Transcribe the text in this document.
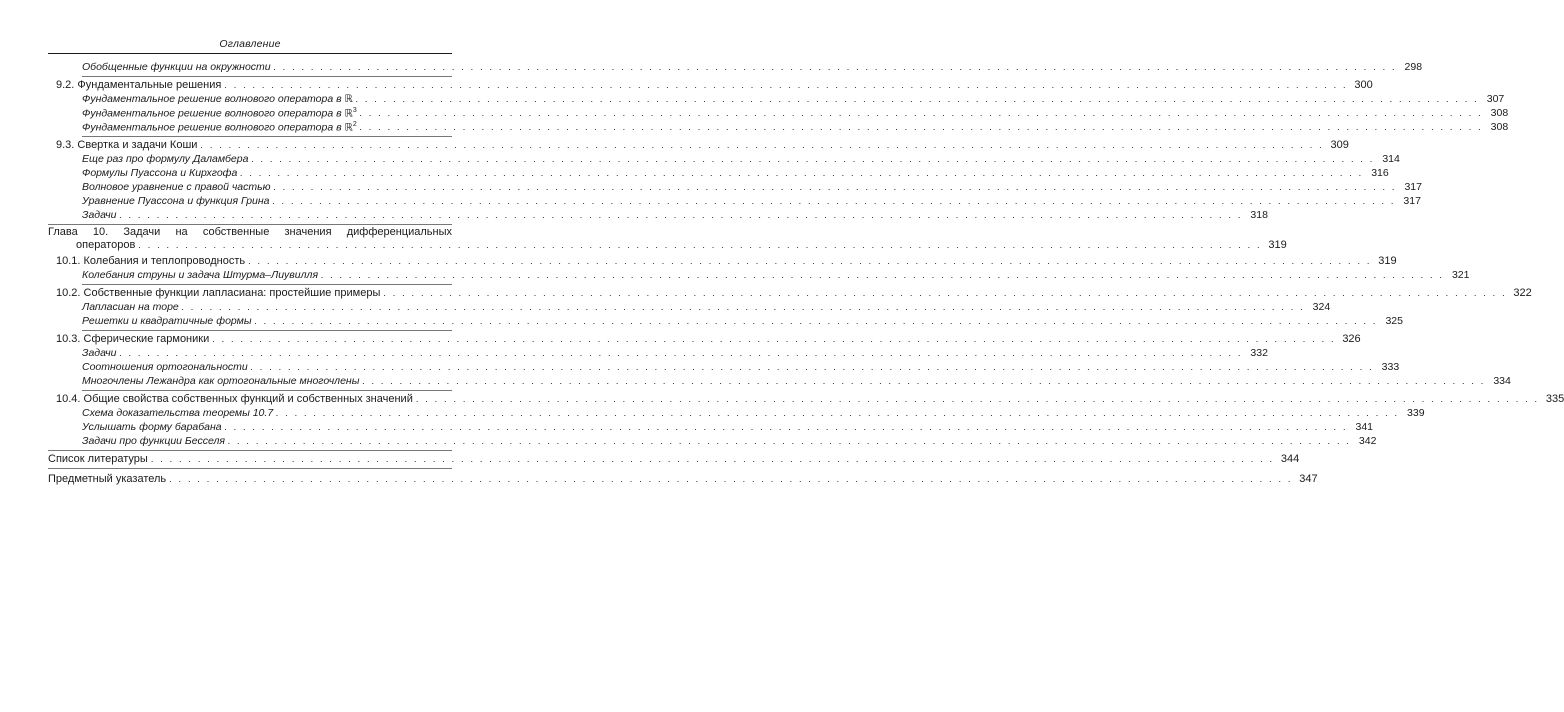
Оглавление
Обобщенные функции на окружности . . . . . . . . . . . . . . . . . . . . . . . . . . . . . . . . . . . . . . . . . . . . . . . . . . . . . . . . . . . . . . . . . . . . . . . . . . . . . . . . . . . . . . . . . . . . . . . . . . . . . . . . . . . . . . . . . . . . . . . . 298
9.2. Фундаментальные решения . . . . . . . . . . . . . . . . . . . . . . . . . . . . . . . . . . . . . . . . . . . . . . . . . . . . . . . . . . . . . . . . . . . . . . . . . . . . . . . . . . . . . . . . . . . . . . . . . . . . . . . . . . . . . . . . . . . . . . . . 300
Фундаментальное решение волнового оператора в ℝ . . . . . . . . . . . . . . . . . . . . . . . . . . . . . . . . . . . . . . . . . . . . . . . . . . . . . . . . . . . . . . . . . . . . . . . . . . . . . . . . . . . . . . . . . . . . . . . . . . . . . . . . . . . . . . . . . . . . . . . . 307
Фундаментальное решение волнового оператора в ℝ$^3$ . . . . . . . . . . . . . . . . . . . . . . . . . . . . . . . . . . . . . . . . . . . . . . . . . . . . . . . . . . . . . . . . . . . . . . . . . . . . . . . . . . . . . . . . . . . . . . . . . . . . . . . . . . . . . . . . . . . . . . . . 308
Фундаментальное решение волнового оператора в ℝ$^2$ . . . . . . . . . . . . . . . . . . . . . . . . . . . . . . . . . . . . . . . . . . . . . . . . . . . . . . . . . . . . . . . . . . . . . . . . . . . . . . . . . . . . . . . . . . . . . . . . . . . . . . . . . . . . . . . . . . . . . . . . 308
9.3. Свертка и задачи Коши . . . . . . . . . . . . . . . . . . . . . . . . . . . . . . . . . . . . . . . . . . . . . . . . . . . . . . . . . . . . . . . . . . . . . . . . . . . . . . . . . . . . . . . . . . . . . . . . . . . . . . . . . . . . . . . . . . . . . . . . 309
Еще раз про формулу Даламбера . . . . . . . . . . . . . . . . . . . . . . . . . . . . . . . . . . . . . . . . . . . . . . . . . . . . . . . . . . . . . . . . . . . . . . . . . . . . . . . . . . . . . . . . . . . . . . . . . . . . . . . . . . . . . . . . . . . . . . . . 314
Формулы Пуассона и Кирхгофа . . . . . . . . . . . . . . . . . . . . . . . . . . . . . . . . . . . . . . . . . . . . . . . . . . . . . . . . . . . . . . . . . . . . . . . . . . . . . . . . . . . . . . . . . . . . . . . . . . . . . . . . . . . . . . . . . . . . . . . . 316
Волновое уравнение с правой частью . . . . . . . . . . . . . . . . . . . . . . . . . . . . . . . . . . . . . . . . . . . . . . . . . . . . . . . . . . . . . . . . . . . . . . . . . . . . . . . . . . . . . . . . . . . . . . . . . . . . . . . . . . . . . . . . . . . . . . . . 317
Уравнение Пуассона и функция Грина . . . . . . . . . . . . . . . . . . . . . . . . . . . . . . . . . . . . . . . . . . . . . . . . . . . . . . . . . . . . . . . . . . . . . . . . . . . . . . . . . . . . . . . . . . . . . . . . . . . . . . . . . . . . . . . . . . . . . . . . 317
Задачи . . . . . . . . . . . . . . . . . . . . . . . . . . . . . . . . . . . . . . . . . . . . . . . . . . . . . . . . . . . . . . . . . . . . . . . . . . . . . . . . . . . . . . . . . . . . . . . . . . . . . . . . . . . . . . . . . . . . . . . . 318
Глава 10. Задачи на собственные значения дифференциальных
операторов . . . . . . . . . . . . . . . . . . . . . . . . . . . . . . . . . . . . . . . . . . . . . . . . . . . . . . . . . . . . . . . . . . . . . . . . . . . . . . . . . . . . . . . . . . . . . . . . . . . . . . . . . . . . . . . . . . . . . . . . 319
10.1. Колебания и теплопроводность . . . . . . . . . . . . . . . . . . . . . . . . . . . . . . . . . . . . . . . . . . . . . . . . . . . . . . . . . . . . . . . . . . . . . . . . . . . . . . . . . . . . . . . . . . . . . . . . . . . . . . . . . . . . . . . . . . . . . . . . 319
Колебания струны и задача Штурма–Лиувилля . . . . . . . . . . . . . . . . . . . . . . . . . . . . . . . . . . . . . . . . . . . . . . . . . . . . . . . . . . . . . . . . . . . . . . . . . . . . . . . . . . . . . . . . . . . . . . . . . . . . . . . . . . . . . . . . . . . . . . . . 321
10.2. Собственные функции лапласиана: простейшие примеры . . . . . . . . . . . . . . . . . . . . . . . . . . . . . . . . . . . . . . . . . . . . . . . . . . . . . . . . . . . . . . . . . . . . . . . . . . . . . . . . . . . . . . . . . . . . . . . . . . . . . . . . . . . . . . . . . . . . . . . . 322
Лапласиан на торе . . . . . . . . . . . . . . . . . . . . . . . . . . . . . . . . . . . . . . . . . . . . . . . . . . . . . . . . . . . . . . . . . . . . . . . . . . . . . . . . . . . . . . . . . . . . . . . . . . . . . . . . . . . . . . . . . . . . . . . . 324
Решетки и квадратичные формы . . . . . . . . . . . . . . . . . . . . . . . . . . . . . . . . . . . . . . . . . . . . . . . . . . . . . . . . . . . . . . . . . . . . . . . . . . . . . . . . . . . . . . . . . . . . . . . . . . . . . . . . . . . . . . . . . . . . . . . . 325
10.3. Сферические гармоники . . . . . . . . . . . . . . . . . . . . . . . . . . . . . . . . . . . . . . . . . . . . . . . . . . . . . . . . . . . . . . . . . . . . . . . . . . . . . . . . . . . . . . . . . . . . . . . . . . . . . . . . . . . . . . . . . . . . . . . . 326
Задачи . . . . . . . . . . . . . . . . . . . . . . . . . . . . . . . . . . . . . . . . . . . . . . . . . . . . . . . . . . . . . . . . . . . . . . . . . . . . . . . . . . . . . . . . . . . . . . . . . . . . . . . . . . . . . . . . . . . . . . . . 332
Соотношения ортогональности . . . . . . . . . . . . . . . . . . . . . . . . . . . . . . . . . . . . . . . . . . . . . . . . . . . . . . . . . . . . . . . . . . . . . . . . . . . . . . . . . . . . . . . . . . . . . . . . . . . . . . . . . . . . . . . . . . . . . . . . 333
Многочлены Лежандра как ортогональные многочлены . . . . . . . . . . . . . . . . . . . . . . . . . . . . . . . . . . . . . . . . . . . . . . . . . . . . . . . . . . . . . . . . . . . . . . . . . . . . . . . . . . . . . . . . . . . . . . . . . . . . . . . . . . . . . . . . . . . . . . . . 334
10.4. Общие свойства собственных функций и собственных значений . . . . . . . . . . . . . . . . . . . . . . . . . . . . . . . . . . . . . . . . . . . . . . . . . . . . . . . . . . . . . . . . . . . . . . . . . . . . . . . . . . . . . . . . . . . . . . . . . . . . . . . . . . . . . . . . . . . . . . . . 335
Схема доказательства теоремы 10.7 . . . . . . . . . . . . . . . . . . . . . . . . . . . . . . . . . . . . . . . . . . . . . . . . . . . . . . . . . . . . . . . . . . . . . . . . . . . . . . . . . . . . . . . . . . . . . . . . . . . . . . . . . . . . . . . . . . . . . . . . 339
Услышать форму барабана . . . . . . . . . . . . . . . . . . . . . . . . . . . . . . . . . . . . . . . . . . . . . . . . . . . . . . . . . . . . . . . . . . . . . . . . . . . . . . . . . . . . . . . . . . . . . . . . . . . . . . . . . . . . . . . . . . . . . . . . 341
Задачи про функции Бесселя . . . . . . . . . . . . . . . . . . . . . . . . . . . . . . . . . . . . . . . . . . . . . . . . . . . . . . . . . . . . . . . . . . . . . . . . . . . . . . . . . . . . . . . . . . . . . . . . . . . . . . . . . . . . . . . . . . . . . . . . 342
Список литературы . . . . . . . . . . . . . . . . . . . . . . . . . . . . . . . . . . . . . . . . . . . . . . . . . . . . . . . . . . . . . . . . . . . . . . . . . . . . . . . . . . . . . . . . . . . . . . . . . . . . . . . . . . . . . . . . . . . . . . . . 344
Предметный указатель . . . . . . . . . . . . . . . . . . . . . . . . . . . . . . . . . . . . . . . . . . . . . . . . . . . . . . . . . . . . . . . . . . . . . . . . . . . . . . . . . . . . . . . . . . . . . . . . . . . . . . . . . . . . . . . . . . . . . . . . 347
